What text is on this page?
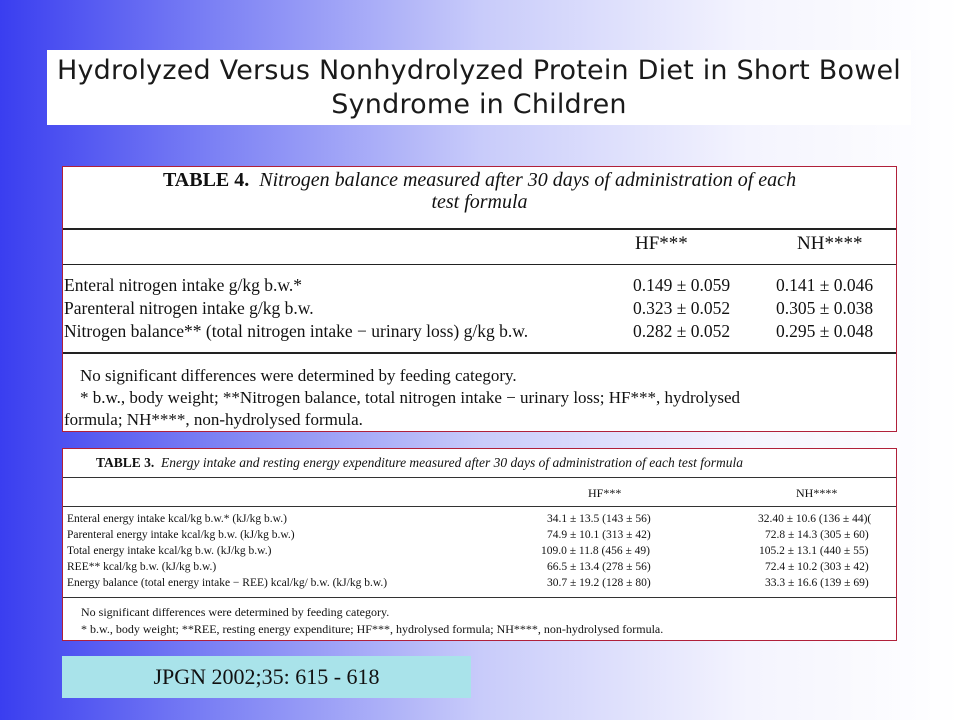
Hydrolyzed Versus Nonhydrolyzed Protein Diet in Short Bowel
Syndrome in Children
TABLE 4. Nitrogen balance measured after 30 days of administration of each
test formula
HF***	NH****
Enteral nitrogen intake g/kg b.w.*	0.149 ± 0.059	0.141 ± 0.046
Parenteral nitrogen intake g/kg b.w.	0.323 ± 0.052	0.305 ± 0.038
Nitrogen balance** (total nitrogen intake − urinary loss) g/kg b.w.	0.282 ± 0.052	0.295 ± 0.048
No significant differences were determined by feeding category.
* b.w., body weight; **Nitrogen balance, total nitrogen intake − urinary loss; HF***, hydrolysed
formula; NH****, non-hydrolysed formula.
TABLE 3. Energy intake and resting energy expenditure measured after 30 days of administration of each test formula
HF***	NH****
Enteral energy intake kcal/kg b.w.* (kJ/kg b.w.)	34.1 ± 13.5 (143 ± 56)	32.40 ± 10.6 (136 ± 44)(
Parenteral energy intake kcal/kg b.w. (kJ/kg b.w.)	74.9 ± 10.1 (313 ± 42)	72.8 ± 14.3 (305 ± 60)
Total energy intake kcal/kg b.w. (kJ/kg b.w.)	109.0 ± 11.8 (456 ± 49)	105.2 ± 13.1 (440 ± 55)
REE** kcal/kg b.w. (kJ/kg b.w.)	66.5 ± 13.4 (278 ± 56)	72.4 ± 10.2 (303 ± 42)
Energy balance (total energy intake − REE) kcal/kg/ b.w. (kJ/kg b.w.)	30.7 ± 19.2 (128 ± 80)	33.3 ± 16.6 (139 ± 69)
No significant differences were determined by feeding category.
* b.w., body weight; **REE, resting energy expenditure; HF***, hydrolysed formula; NH****, non-hydrolysed formula.
JPGN 2002;35: 615 - 618
